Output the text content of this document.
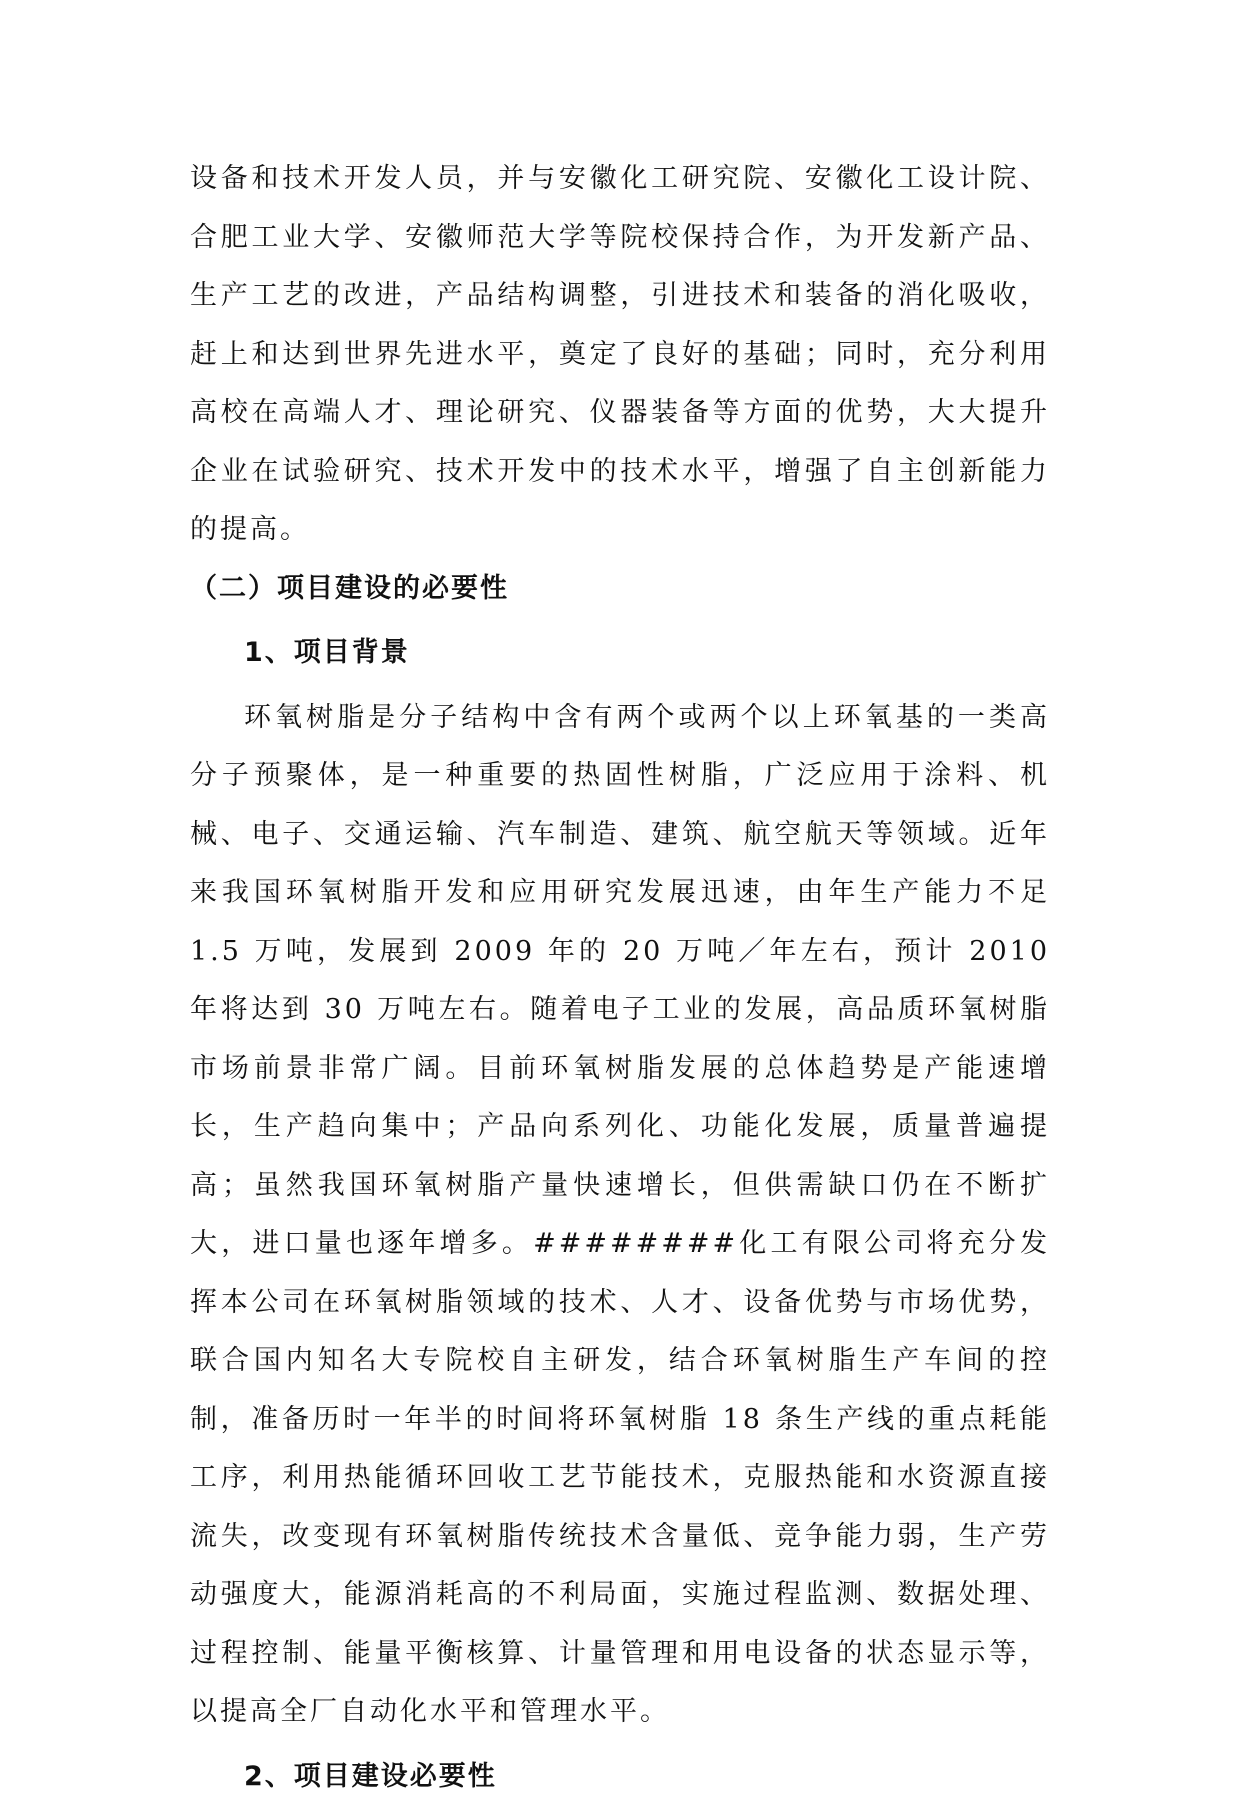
设备和技术开发人员，并与安徽化工研究院、安徽化工设计院、合肥工业大学、安徽师范大学等院校保持合作，为开发新产品、生产工艺的改进，产品结构调整，引进技术和装备的消化吸收，赶上和达到世界先进水平，奠定了良好的基础；同时，充分利用高校在高端人才、理论研究、仪器装备等方面的优势，大大提升企业在试验研究、技术开发中的技术水平，增强了自主创新能力的提高。

（二）项目建设的必要性
1、项目背景

环氧树脂是分子结构中含有两个或两个以上环氧基的一类高分子预聚体，是一种重要的热固性树脂，广泛应用于涂料、机械、电子、交通运输、汽车制造、建筑、航空航天等领域。近年来我国环氧树脂开发和应用研究发展迅速，由年生产能力不足 1.5 万吨，发展到 2009 年的 20 万吨／年左右，预计 2010 年将达到 30 万吨左右。随着电子工业的发展，高品质环氧树脂市场前景非常广阔。目前环氧树脂发展的总体趋势是产能速增长，生产趋向集中；产品向系列化、功能化发展，质量普遍提高；虽然我国环氧树脂产量快速增长，但供需缺口仍在不断扩大，进口量也逐年增多。########化工有限公司将充分发挥本公司在环氧树脂领域的技术、人才、设备优势与市场优势，联合国内知名大专院校自主研发，结合环氧树脂生产车间的控制，准备历时一年半的时间将环氧树脂 18 条生产线的重点耗能工序，利用热能循环回收工艺节能技术，克服热能和水资源直接流失，改变现有环氧树脂传统技术含量低、竞争能力弱，生产劳动强度大，能源消耗高的不利局面，实施过程监测、数据处理、过程控制、能量平衡核算、计量管理和用电设备的状态显示等，以提高全厂自动化水平和管理水平。

2、项目建设必要性
